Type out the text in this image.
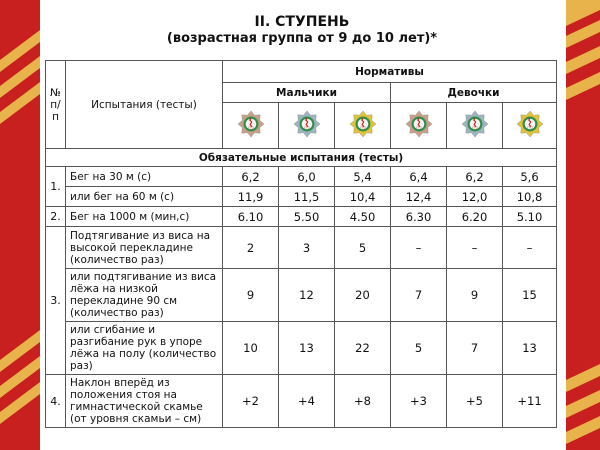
II. СТУПЕНЬ
(возрастная группа от 9 до 10 лет)*
№ п/п	Испытания (тесты)	Нормативы					
		Мальчики			Девочки		

ГТО	ГТО	ГТО	ГТО	ГТО	ГТО

Обязательные испытания (тесты)							
1.	Бег на 30 м (с)	6,2	6,0	5,4	6,4	6,2	5,6
	или бег на 60 м (с)	11,9	11,5	10,4	12,4	12,0	10,8
2.	Бег на 1000 м (мин,с)	6.10	5.50	4.50	6.30	6.20	5.10
3.	Подтягивание из виса на высокой перекладине (количество раз)	2	3	5	–	–	–
	или подтягивание из виса лёжа на низкой перекладине 90 см (количество раз)	9	12	20	7	9	15
	или сгибание и разгибание рук в упоре лёжа на полу (количество раз)	10	13	22	5	7	13
4.	Наклон вперёд из положения стоя на гимнастической скамье (от уровня скамьи – см)	+2	+4	+8	+3	+5	+11
